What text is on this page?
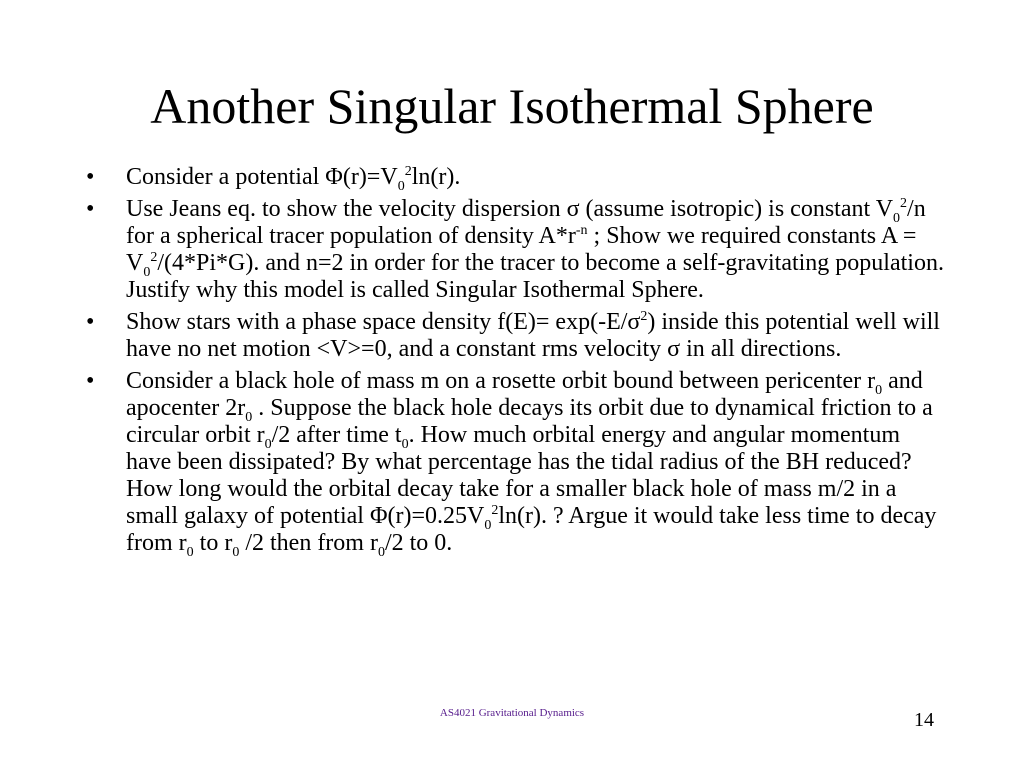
Another Singular Isothermal Sphere
•	Consider a potential $\Phi(r)=V_0^2\ln(r)$.
•	Use Jeans eq. to show the velocity dispersion σ (assume isotropic) is constant $V_0^2/n$ for a spherical tracer population of density $A*r^{-n}$ ; Show we required constants $A = V_0^2/(4*Pi*G)$. and n=2 in order for the tracer to become a self-gravitating population. Justify why this model is called Singular Isothermal Sphere.
•	Show stars with a phase space density $f(E)= \exp(-E/\sigma^2)$ inside this potential well will have no net motion <V>=0, and a constant rms velocity σ in all directions.
•	Consider a black hole of mass m on a rosette orbit bound between pericenter $r_0$ and apocenter $2r_0$ . Suppose the black hole decays its orbit due to dynamical friction to a circular orbit $r_0/2$ after time $t_0$. How much orbital energy and angular momentum have been dissipated? By what percentage has the tidal radius of the BH reduced? How long would the orbital decay take for a smaller black hole of mass m/2 in a small galaxy of potential $\Phi(r)=0.25V_0^2\ln(r)$. ? Argue it would take less time to decay from $r_0$ to $r_0$ /2 then from $r_0/2$ to 0.
AS4021 Gravitational Dynamics	14
